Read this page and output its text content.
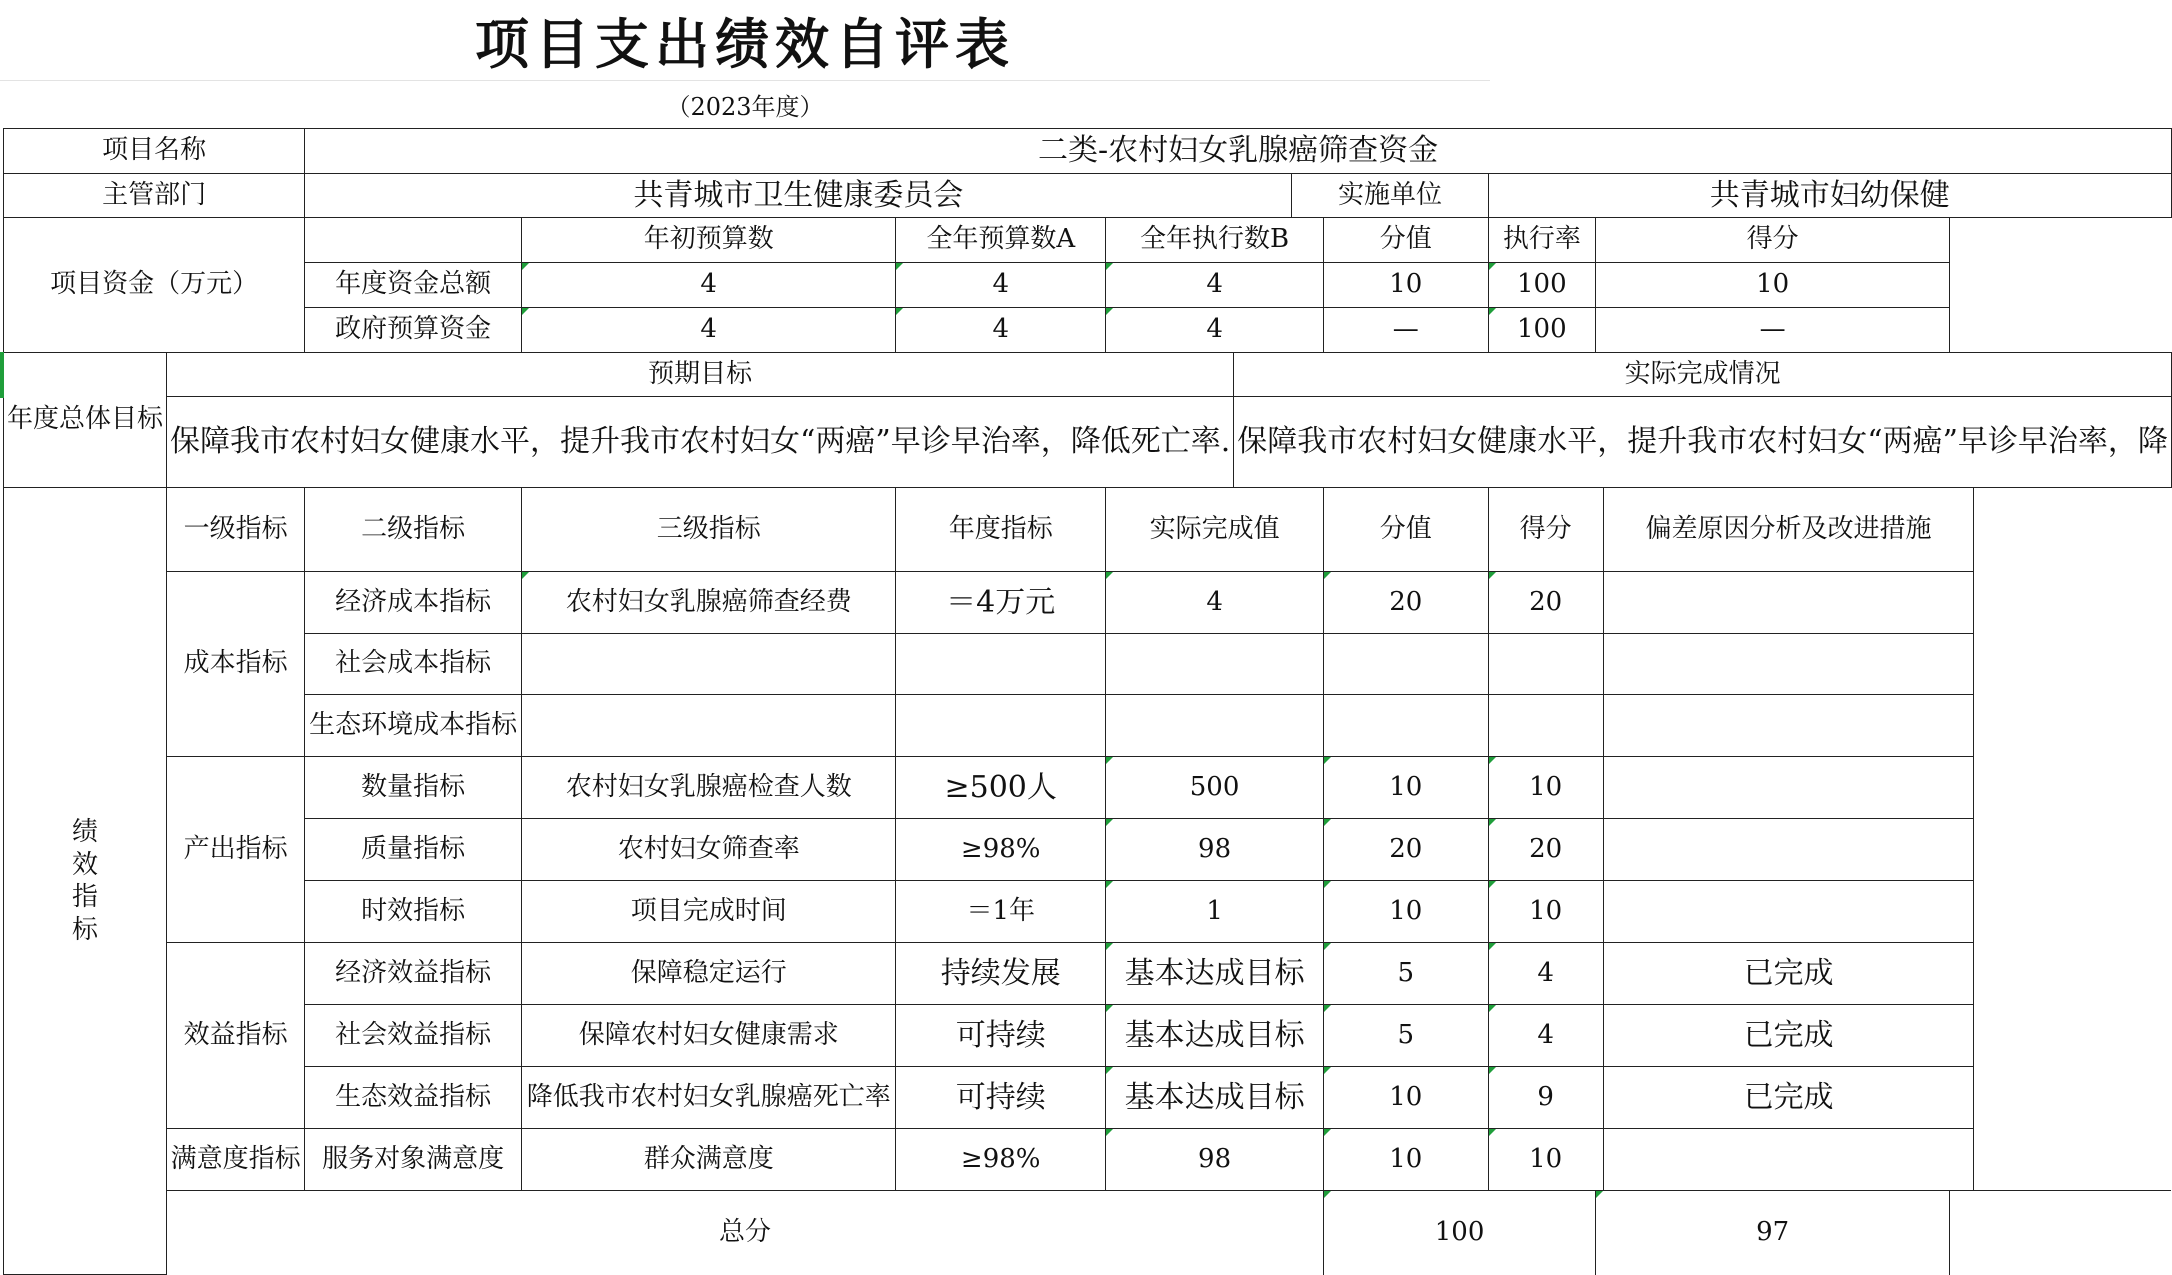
项目支出绩效自评表
（2023年度）
项目名称		二类-农村妇女乳腺癌筛查资金										
主管部门		共青城市卫生健康委员会					实施单位		共青城市妇幼保健			
项目资金（万元）			年初预算数	全年预算数A	全年执行数B			分值	执行率	得分		
		年度资金总额	4	4	4			10	100	10		
		政府预算资金	4	4	4			—	100	—		
年度总体目标	预期目标					实际完成情况						
	保障我市农村妇女健康水平，提升我市农村妇女“两癌”早诊早治率，降低死亡率.					保障我市农村妇女健康水平，提升我市农村妇女“两癌”早诊早治率，降						
绩效指标	一级指标	二级指标	三级指标	年度指标	实际完成值			分值	得分		偏差原因分析及改进措施	
	成本指标	经济成本指标	农村妇女乳腺癌筛查经费	＝4万元	4			20	20			
		社会成本指标										
		生态环境成本指标										
	产出指标	数量指标	农村妇女乳腺癌检查人数	≥500人	500			10	10			
		质量指标	农村妇女筛查率	≥98%	98			20	20			
		时效指标	项目完成时间	＝1年	1			10	10			
	效益指标	经济效益指标	保障稳定运行	持续发展	基本达成目标			5	4		已完成	
		社会效益指标	保障农村妇女健康需求	可持续	基本达成目标			5	4		已完成	
		生态效益指标	降低我市农村妇女乳腺癌死亡率	可持续	基本达成目标			10	9		已完成	
	满意度指标	服务对象满意度	群众满意度	≥98%	98			10	10			
	总分							100		97		
